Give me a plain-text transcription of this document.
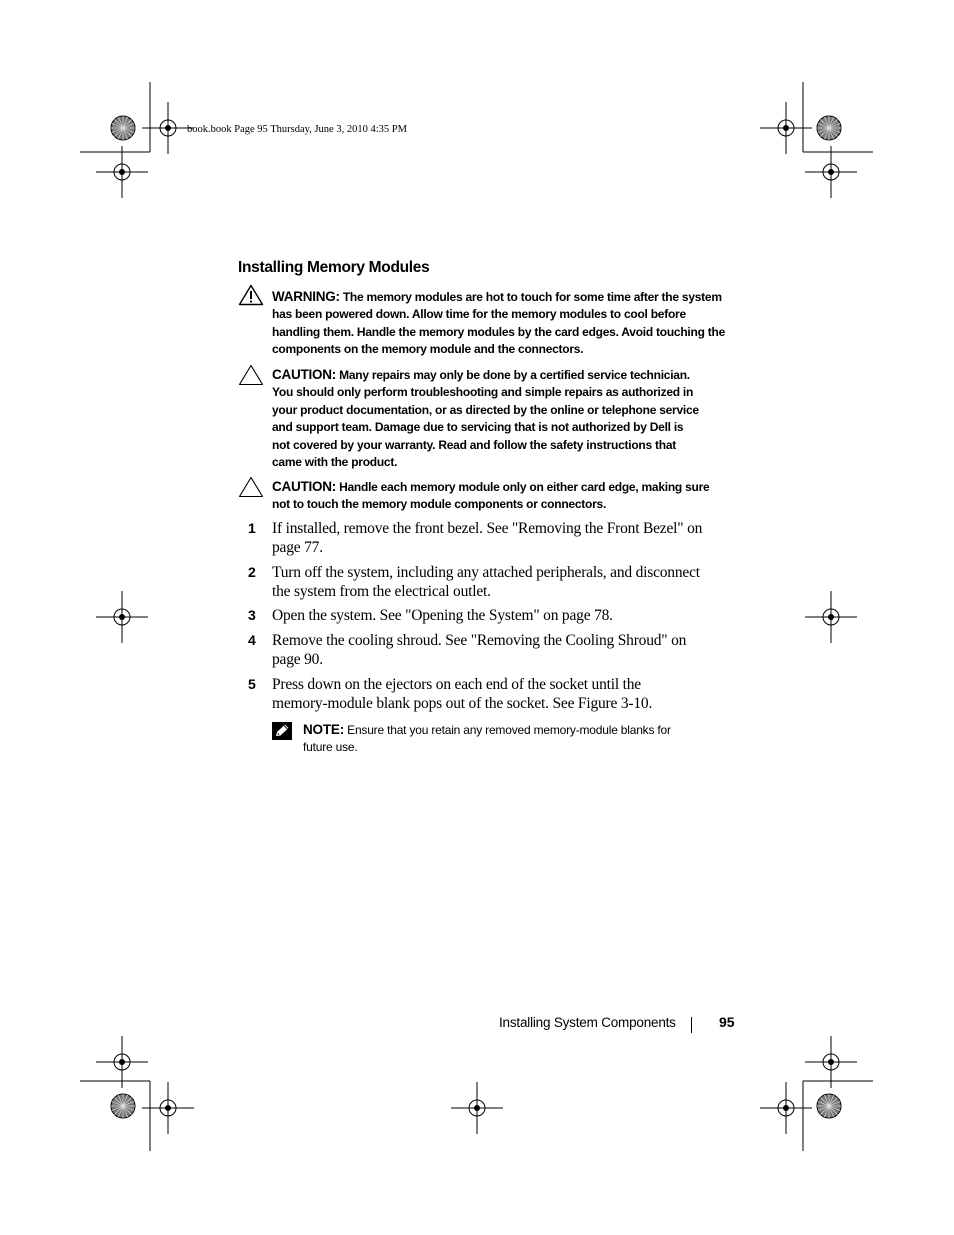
book.book Page 95 Thursday, June 3, 2010 4:35 PM
Installing Memory Modules
WARNING: The memory modules are hot to touch for some time after the system
has been powered down. Allow time for the memory modules to cool before
handling them. Handle the memory modules by the card edges. Avoid touching the
components on the memory module and the connectors.
CAUTION: Many repairs may only be done by a certified service technician.
You should only perform troubleshooting and simple repairs as authorized in
your product documentation, or as directed by the online or telephone service
and support team. Damage due to servicing that is not authorized by Dell is
not covered by your warranty. Read and follow the safety instructions that
came with the product.
CAUTION: Handle each memory module only on either card edge, making sure
not to touch the memory module components or connectors.
1 If installed, remove the front bezel. See "Removing the Front Bezel" on
page 77.
2 Turn off the system, including any attached peripherals, and disconnect
the system from the electrical outlet.
3 Open the system. See "Opening the System" on page 78.
4 Remove the cooling shroud. See "Removing the Cooling Shroud" on
page 90.
5 Press down on the ejectors on each end of the socket until the
memory-module blank pops out of the socket. See Figure 3-10.
NOTE: Ensure that you retain any removed memory-module blanks for
future use.
Installing System Components	95
